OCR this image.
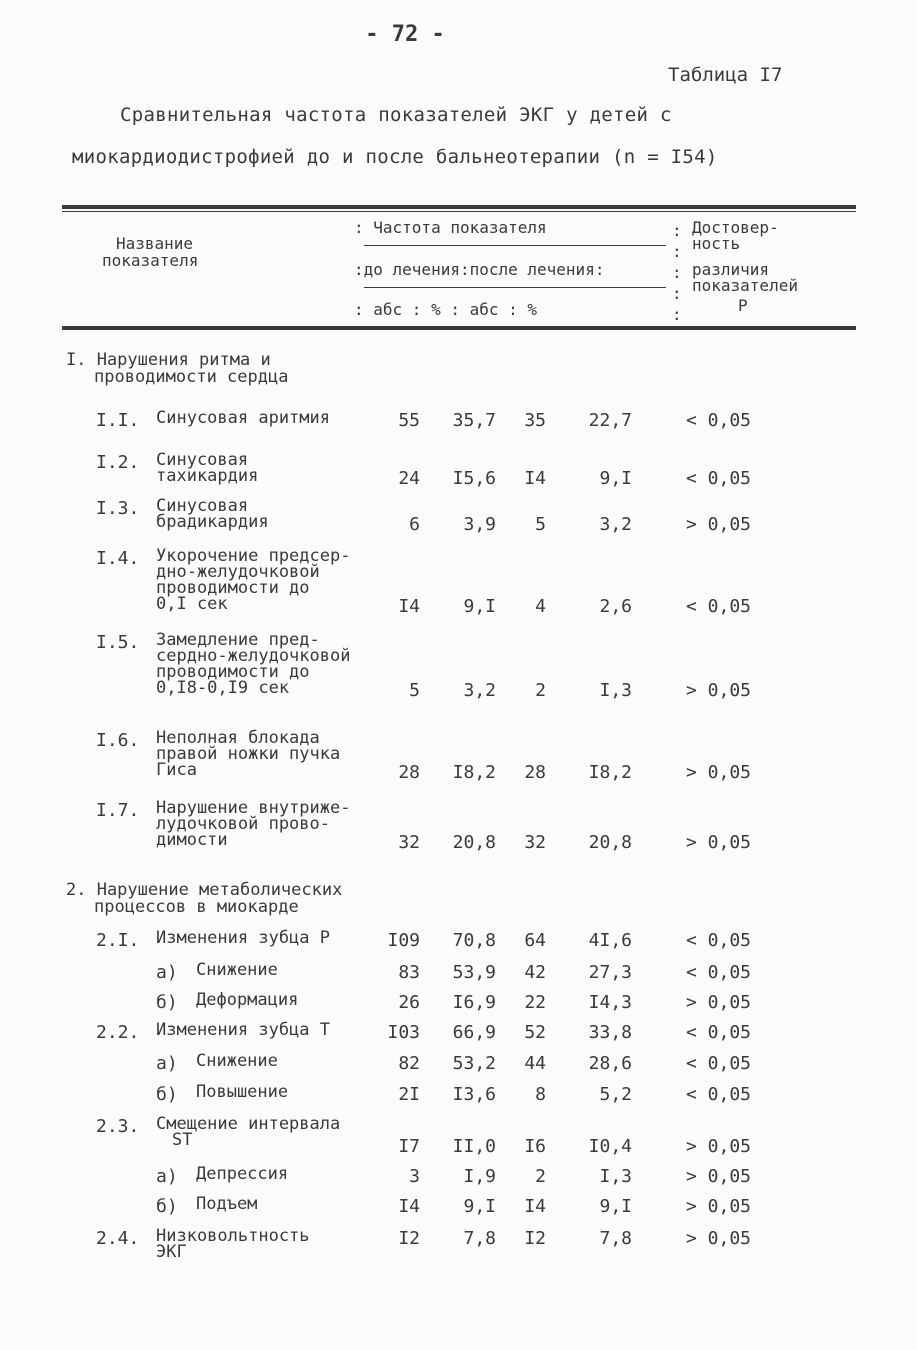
- 72 -
Таблица I7
Сравнительная частота показателей ЭКГ у детей с
миокардиодистрофией до и после бальнеотерапии (n = I54)
Название
показателя
: Частота показателя
:до лечения:после лечения:
: абс : % : абс : %
Достовер-
ность
различия
показателей
P
:
:
:
:
:
I. Нарушения ритма и
проводимости сердца
2. Нарушение метаболических
процессов в миокарде
I.I. Синусовая аритмия	55	35,7	35	22,7	< 0,05
I.2. Синусовая
тахикардия	24	I5,6	I4	9,I	< 0,05
I.3. Синусовая
брадикардия	6	3,9	5	3,2	> 0,05
I.4. Укорочение предсер-
дно-желудочковой
проводимости до
0,I сек	I4	9,I	4	2,6	< 0,05
I.5. Замедление пред-
сердно-желудочковой
проводимости до
0,I8-0,I9 сек	5	3,2	2	I,3	> 0,05
I.6. Неполная блокада
правой ножки пучка
Гиса	28	I8,2	28	I8,2	> 0,05
I.7. Нарушение внутриже-
лудочковой прово-
димости	32	20,8	32	20,8	> 0,05
2.I. Изменения зубца P	I09	70,8	64	4I,6	< 0,05
а) Снижение	83	53,9	42	27,3	< 0,05
б) Деформация	26	I6,9	22	I4,3	> 0,05
2.2. Изменения зубца T	I03	66,9	52	33,8	< 0,05
а) Снижение	82	53,2	44	28,6	< 0,05
б) Повышение	2I	I3,6	8	5,2	< 0,05
2.3. Смещение интервала
ST	I7	II,0	I6	I0,4	> 0,05
а) Депрессия	3	I,9	2	I,3	> 0,05
б) Подъем	I4	9,I	I4	9,I	> 0,05
2.4. Низковольтность
ЭКГ
I2	7,8	I2	7,8	> 0,05
